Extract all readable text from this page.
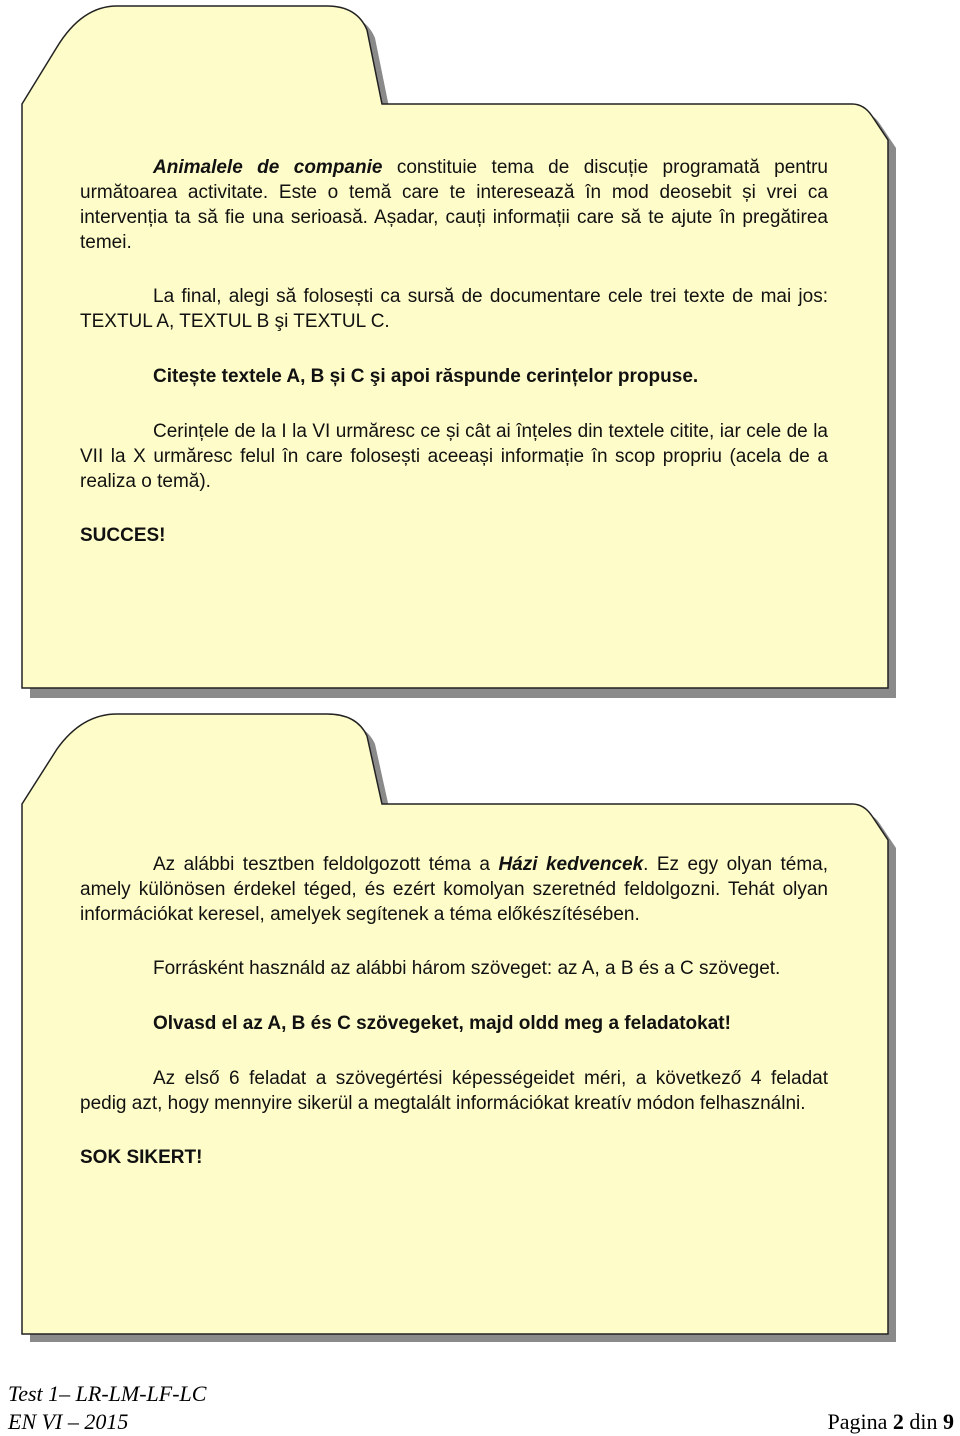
Animalele de companie constituie tema de discuție programată pentru următoarea activitate. Este o temă care te interesează în mod deosebit și vrei ca intervenția ta să fie una serioasă. Așadar, cauți informații care să te ajute în pregătirea temei.

La final, alegi să folosești ca sursă de documentare cele trei texte de mai jos: TEXTUL A, TEXTUL B şi TEXTUL C.

Citește textele A, B și C şi apoi răspunde cerințelor propuse.

Cerințele de la I la VI urmăresc ce și cât ai înțeles din textele citite, iar cele de la VII la X urmăresc felul în care folosești aceeași informație în scop propriu (acela de a realiza o temă).

SUCCES!

Az alábbi tesztben feldolgozott téma a Házi kedvencek. Ez egy olyan téma, amely különösen érdekel téged, és ezért komolyan szeretnéd feldolgozni. Tehát olyan információkat keresel, amelyek segítenek a téma előkészítésében.

Forrásként használd az alábbi három szöveget: az A, a B és a C szöveget.

Olvasd el az A, B és C szövegeket, majd oldd meg a feladatokat!

Az első 6 feladat a szövegértési képességeidet méri, a következő 4 feladat pedig azt, hogy mennyire sikerül a megtalált információkat kreatív módon felhasználni.

SOK SIKERT!

Test 1– LR-LM-LF-LC
EN VI – 2015	Pagina 2 din 9
